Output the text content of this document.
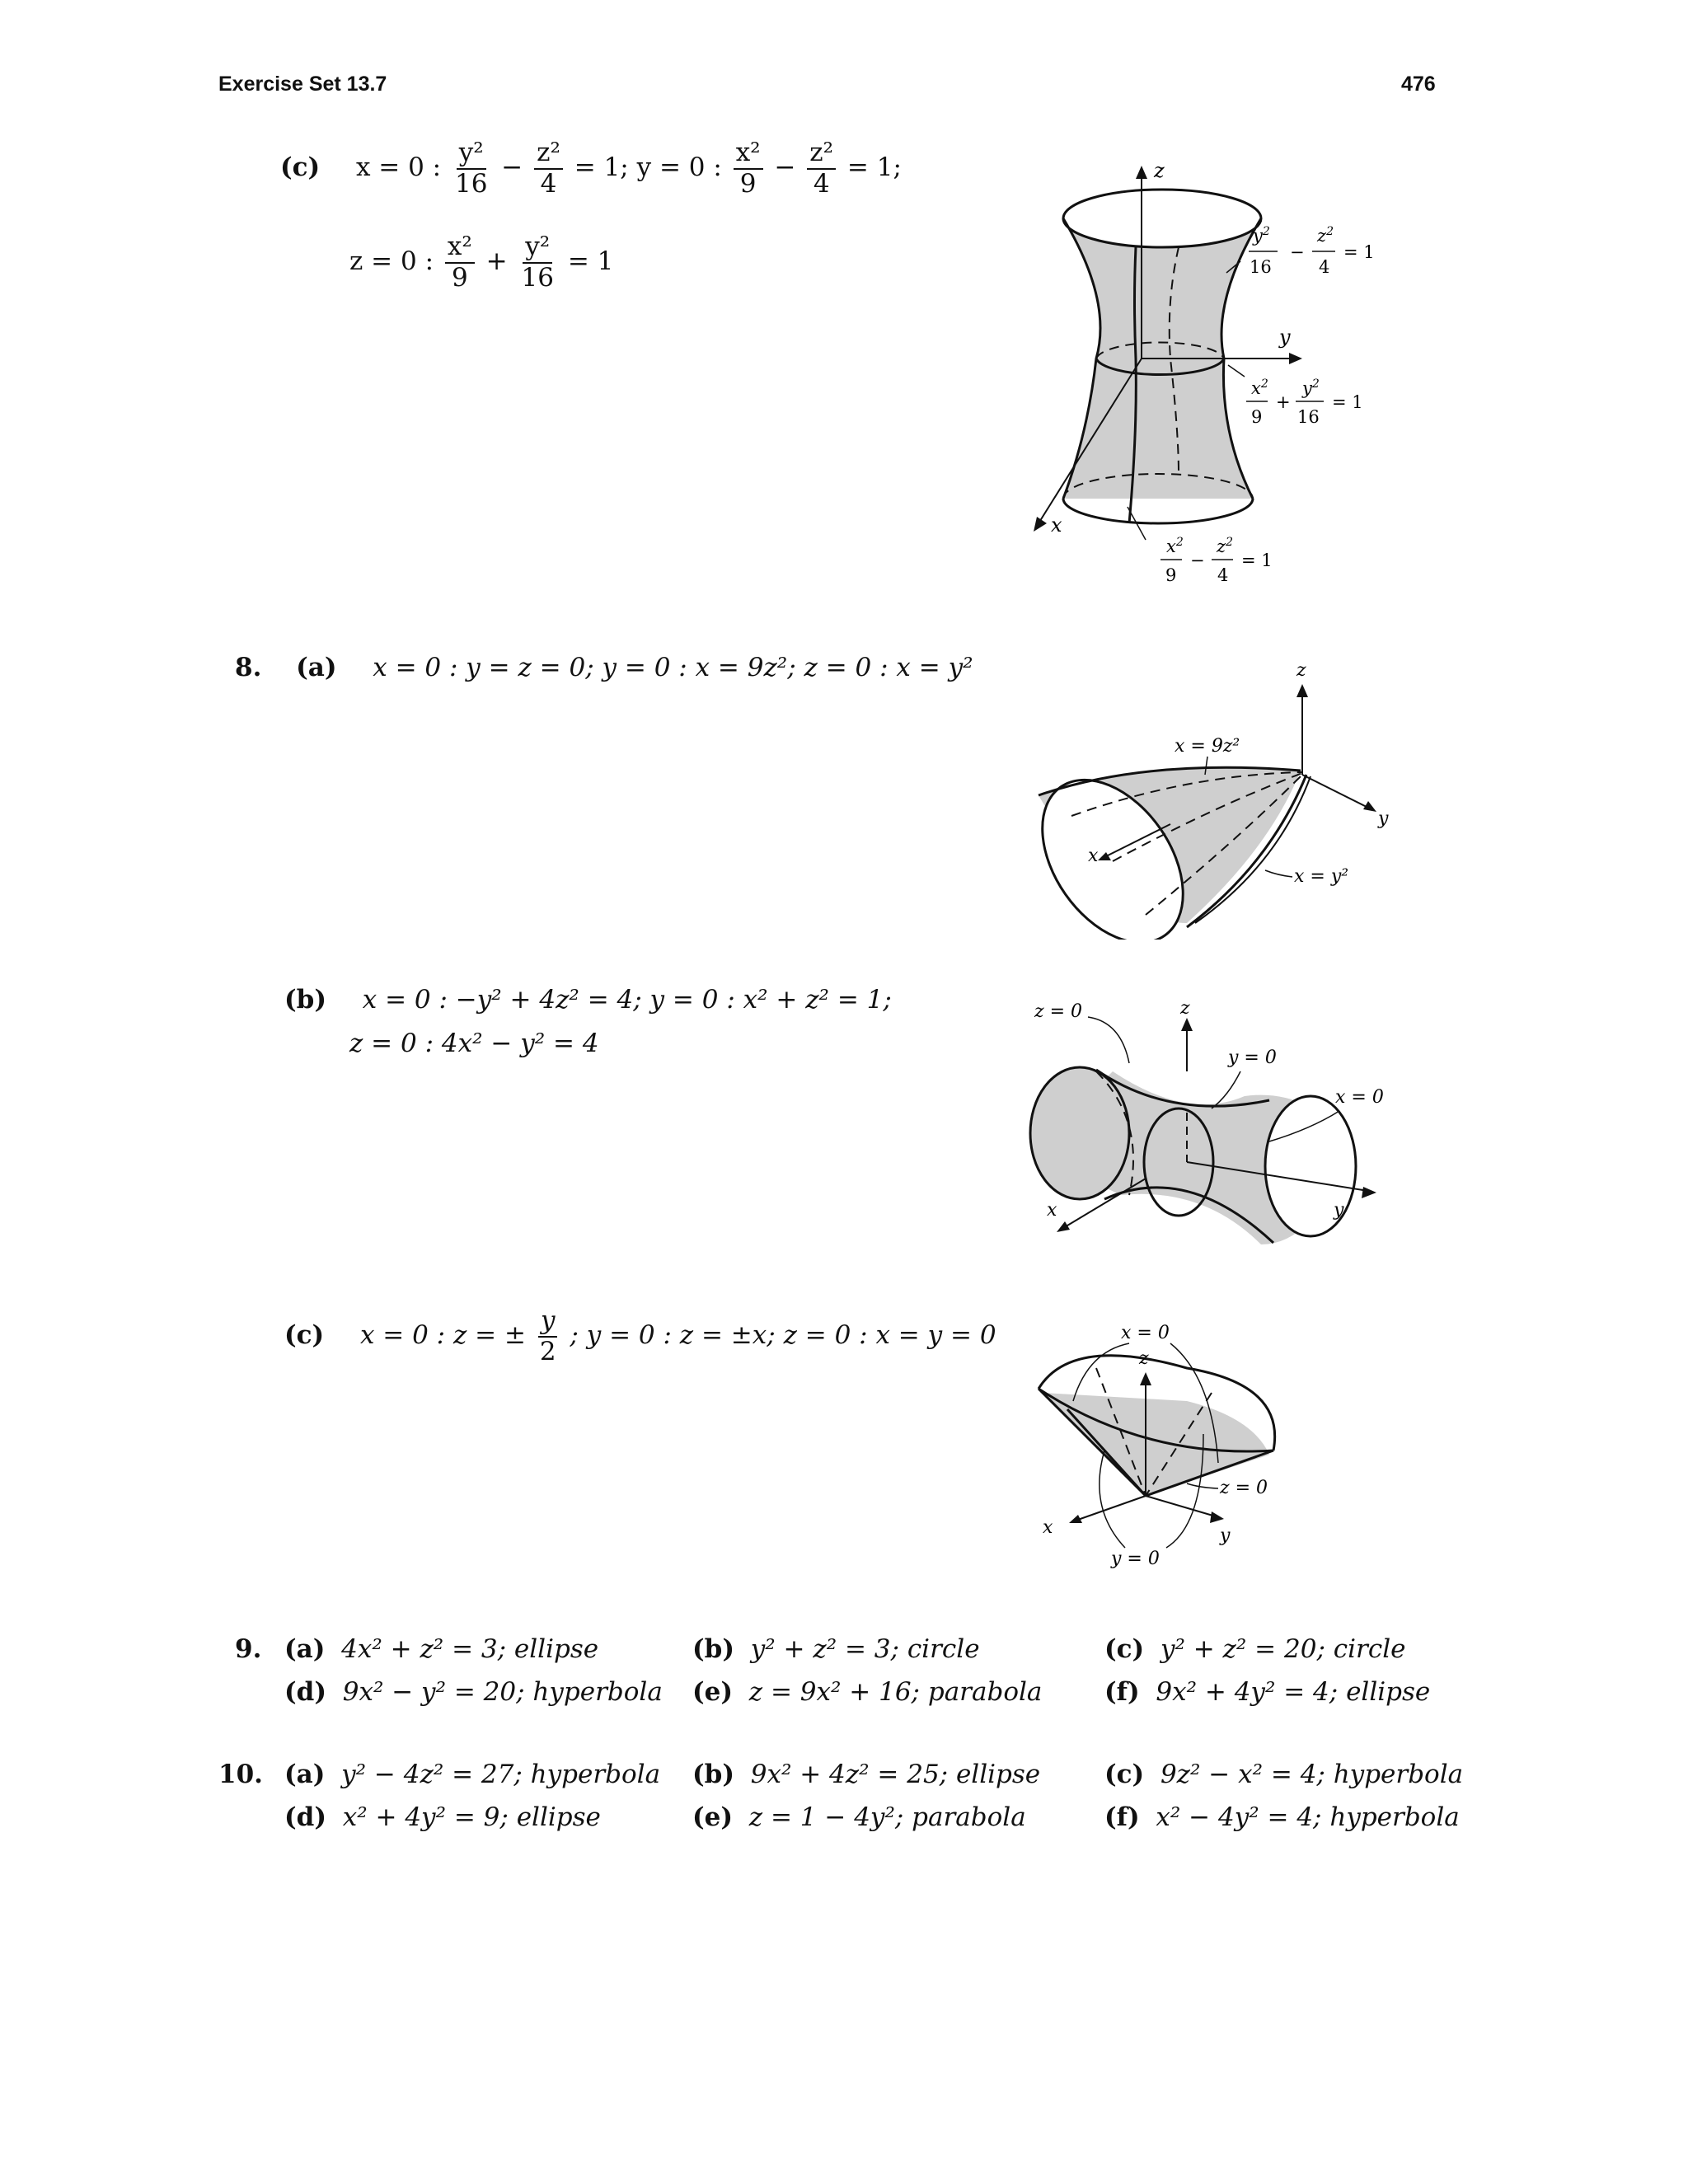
Exercise Set 13.7	476
(c) x = 0 : $\frac{\text{y²}}{16} - \frac{\text{z²}}{4} = 1$; y = 0 : $\frac{\text{x²}}{9} - \frac{\text{z²}}{4} = 1$;
z = 0 : $\frac{\text{x²}}{9} + \frac{\text{y²}}{16} = 1$
z
y
x
$y^2$
16
−
$z^2$
4
= 1
$x^2$
9
+
$y^2$
16
= 1
$x^2$
9
−
$z^2$
4
= 1
8. (a) x = 0 : y = z = 0; y = 0 : x = 9z²; z = 0 : x = y²	z
y
x
x = 9z²
x = y²
(b) x = 0 : −y² + 4z² = 4; y = 0 : x² + z² = 1;
z = 0 : 4x² − y² = 4
z
y
x
z = 0
y = 0
x = 0
(c) x = 0 : z = ± $\frac{y}{2}$ ; y = 0 : z = ±x; z = 0 : x = y = 0
z
y
x
x = 0
z = 0
y = 0
9. (a) 4x² + z² = 3; ellipse	(b) y² + z² = 3; circle	(c) y² + z² = 20; circle
(d) 9x² − y² = 20; hyperbola (e) z = 9x² + 16; parabola (f) 9x² + 4y² = 4; ellipse
10. (a) y² − 4z² = 27; hyperbola (b) 9x² + 4z² = 25; ellipse	(c) 9z² − x² = 4; hyperbola
(d) x² + 4y² = 9; ellipse	(e) z = 1 − 4y²; parabola	(f) x² − 4y² = 4; hyperbola
